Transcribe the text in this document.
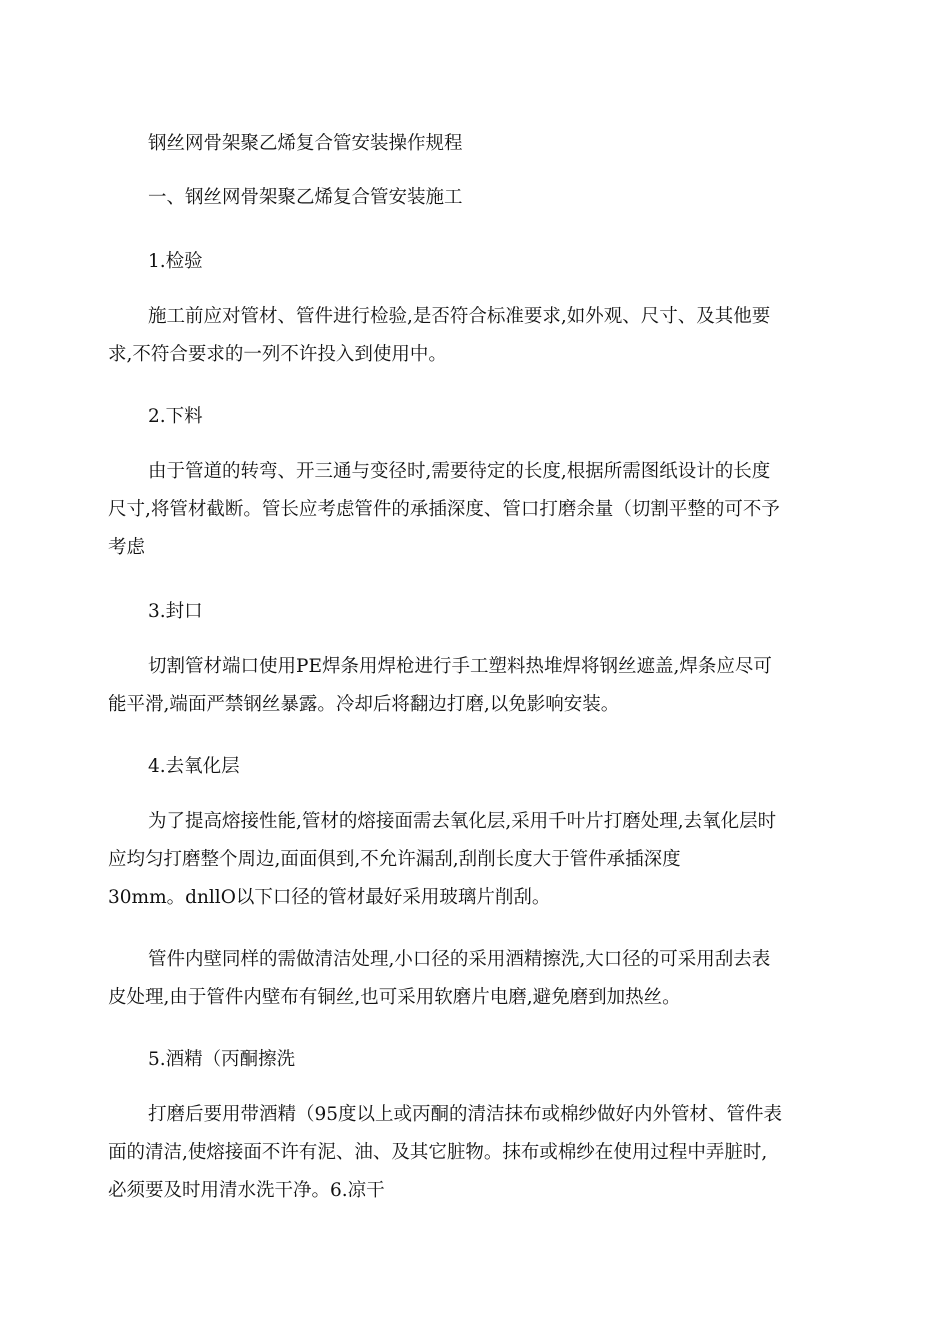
钢丝网骨架聚乙烯复合管安装操作规程
一、钢丝网骨架聚乙烯复合管安装施工
1.检验
施工前应对管材、管件进行检验,是否符合标准要求,如外观、尺寸、及其他要
求,不符合要求的一列不许投入到使用中。
2.下料
由于管道的转弯、开三通与变径时,需要待定的长度,根据所需图纸设计的长度
尺寸,将管材截断。管长应考虑管件的承插深度、管口打磨余量（切割平整的可不予
考虑
3.封口
切割管材端口使用PE焊条用焊枪进行手工塑料热堆焊将钢丝遮盖,焊条应尽可
能平滑,端面严禁钢丝暴露。冷却后将翻边打磨,以免影响安装。
4.去氧化层
为了提高熔接性能,管材的熔接面需去氧化层,采用千叶片打磨处理,去氧化层时
应均匀打磨整个周边,面面俱到,不允许漏刮,刮削长度大于管件承插深度
30mm。dnllO以下口径的管材最好采用玻璃片削刮。
管件内壁同样的需做清洁处理,小口径的采用酒精擦洗,大口径的可采用刮去表
皮处理,由于管件内壁布有铜丝,也可采用软磨片电磨,避免磨到加热丝。
5.酒精（丙酮擦洗
打磨后要用带酒精（95度以上或丙酮的清洁抹布或棉纱做好内外管材、管件表
面的清洁,使熔接面不许有泥、油、及其它脏物。抹布或棉纱在使用过程中弄脏时,
必须要及时用清水洗干净。6.凉干
